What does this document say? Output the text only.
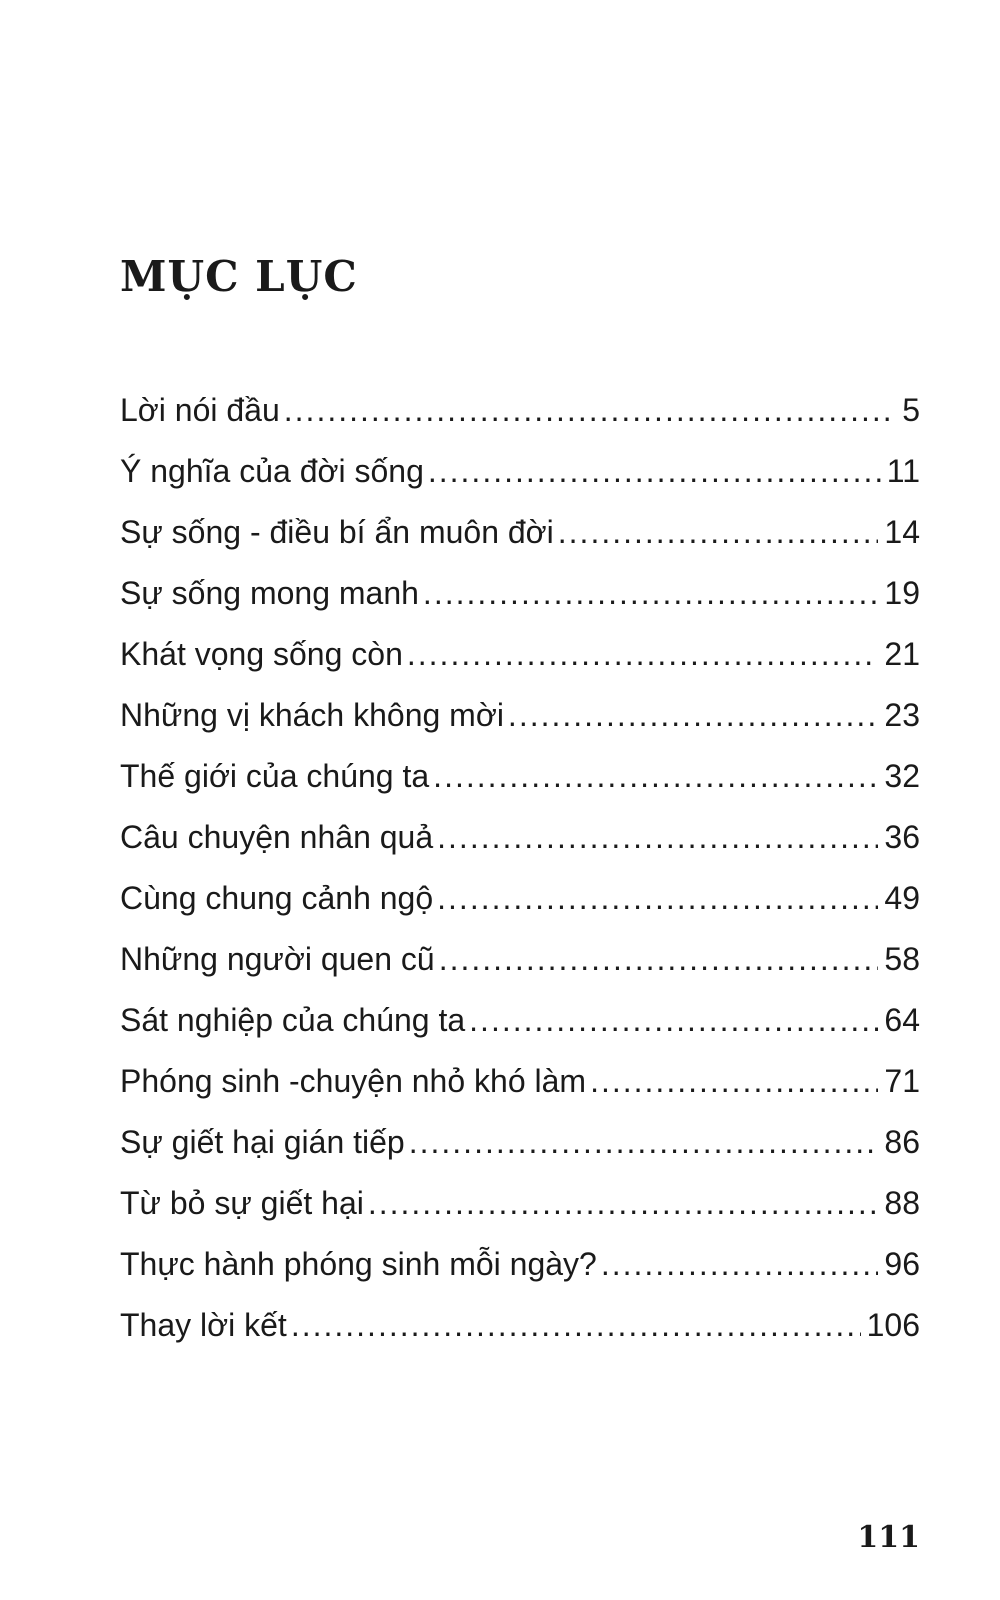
MỤC LỤC
Lời nói đầu .....	5
Ý nghĩa của đời sống .....	11
Sự sống - điều bí ẩn muôn đời .....	14
Sự sống mong manh .....	19
Khát vọng sống còn .....	21
Những vị khách không mời .....	23
Thế giới của chúng ta .....	32
Câu chuyện nhân quả .....	36
Cùng chung cảnh ngộ .....	49
Những người quen cũ .....	58
Sát nghiệp của chúng ta .....	64
Phóng sinh -chuyện nhỏ khó làm .....	71
Sự giết hại gián tiếp .....	86
Từ bỏ sự giết hại .....	88
Thực hành phóng sinh mỗi ngày? .....	96
Thay lời kết .....	106

111
